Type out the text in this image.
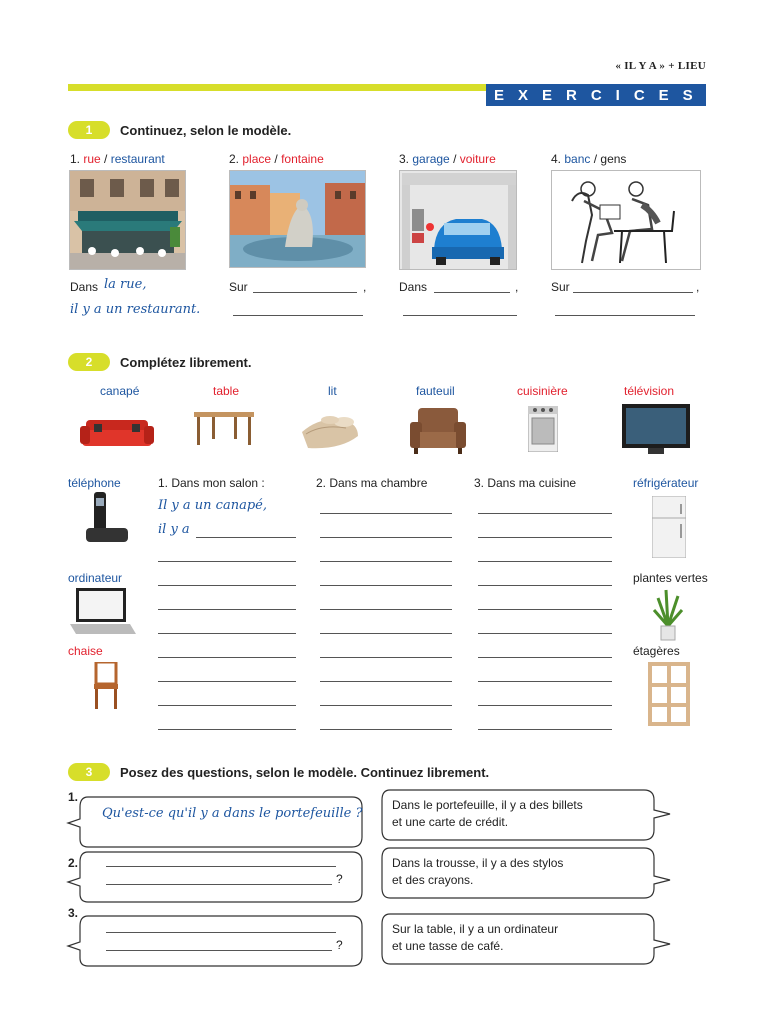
« IL Y A » + LIEU
EXERCICES
1	Continuez, selon le modèle.
1. rue / restaurant	2. place / fontaine	3. garage / voiture	4. banc / gens
Dans la rue,
il y a un restaurant.
Sur	,	Dans	,	Sur	,
2	Complétez librement.
canapé	table	lit	fauteuil	cuisinière	télévision
téléphone
ordinateur
chaise
réfrigérateur
plantes vertes
étagères
1. Dans mon salon :	2. Dans ma chambre	3. Dans ma cuisine
Il y a un canapé,
il y a
3	Posez des questions, selon le modèle. Continuez librement.
1.
Qu'est-ce qu'il y a dans le portefeuille ?
Dans le portefeuille, il y a des billets
et une carte de crédit.
2.
?
Dans la trousse, il y a des stylos
et des crayons.
3.
?
Sur la table, il y a un ordinateur
et une tasse de café.
